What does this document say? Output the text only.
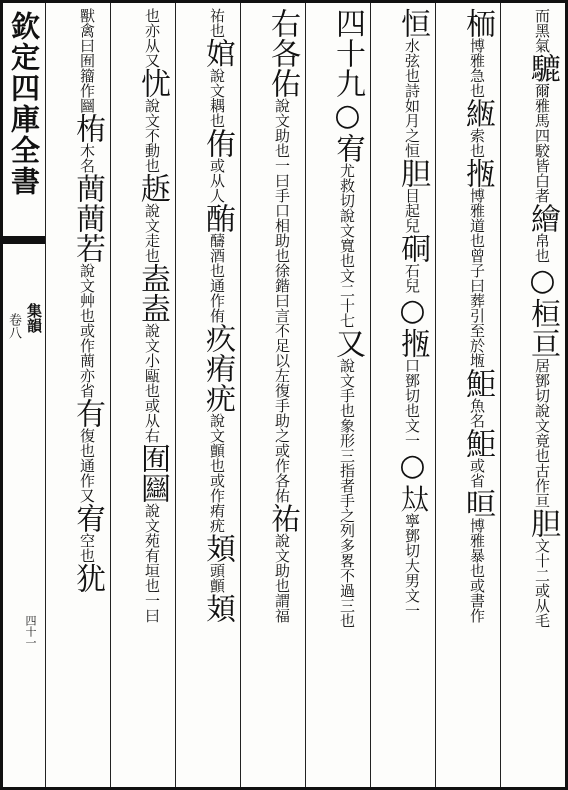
欽定四庫全書
卷八 集韻
四十一
而黑氣騼爾雅馬四駮皆白者繪帛也○桓亘居鄧切說文竟也古作亘胆文十二或从毛
栭博雅急也緪索也揯博雅道也曾子曰葬引至於堩鮔魚名鮔或省晅博雅暴也或書作
恒水弦也詩如月之恒胆目起兒硐石兒○揯口鄧切也文一○𡘋寧鄧切大男文一
四十九○宥尤救切說文寬也文二十七又說文手也象形三指者手之列多畧不過三也
右各佑說文助也一曰手口相助也徐鍇曰言不足以左復手助之或作各佑祐說文助也謂福
祐也婠說文耦也侑或从人酭醻酒也通作侑疚痏疣說文顫也或作痏疣頍頭顫頍
也亦从又忧說文不動也䞣說文走也盍盍說文小甌也或从右囿圝說文苑有垣也一曰
獸禽曰囿籀作圝栯木名蕳蕳若說文艸也或作蕳亦省有復也通作又宥空也犹
